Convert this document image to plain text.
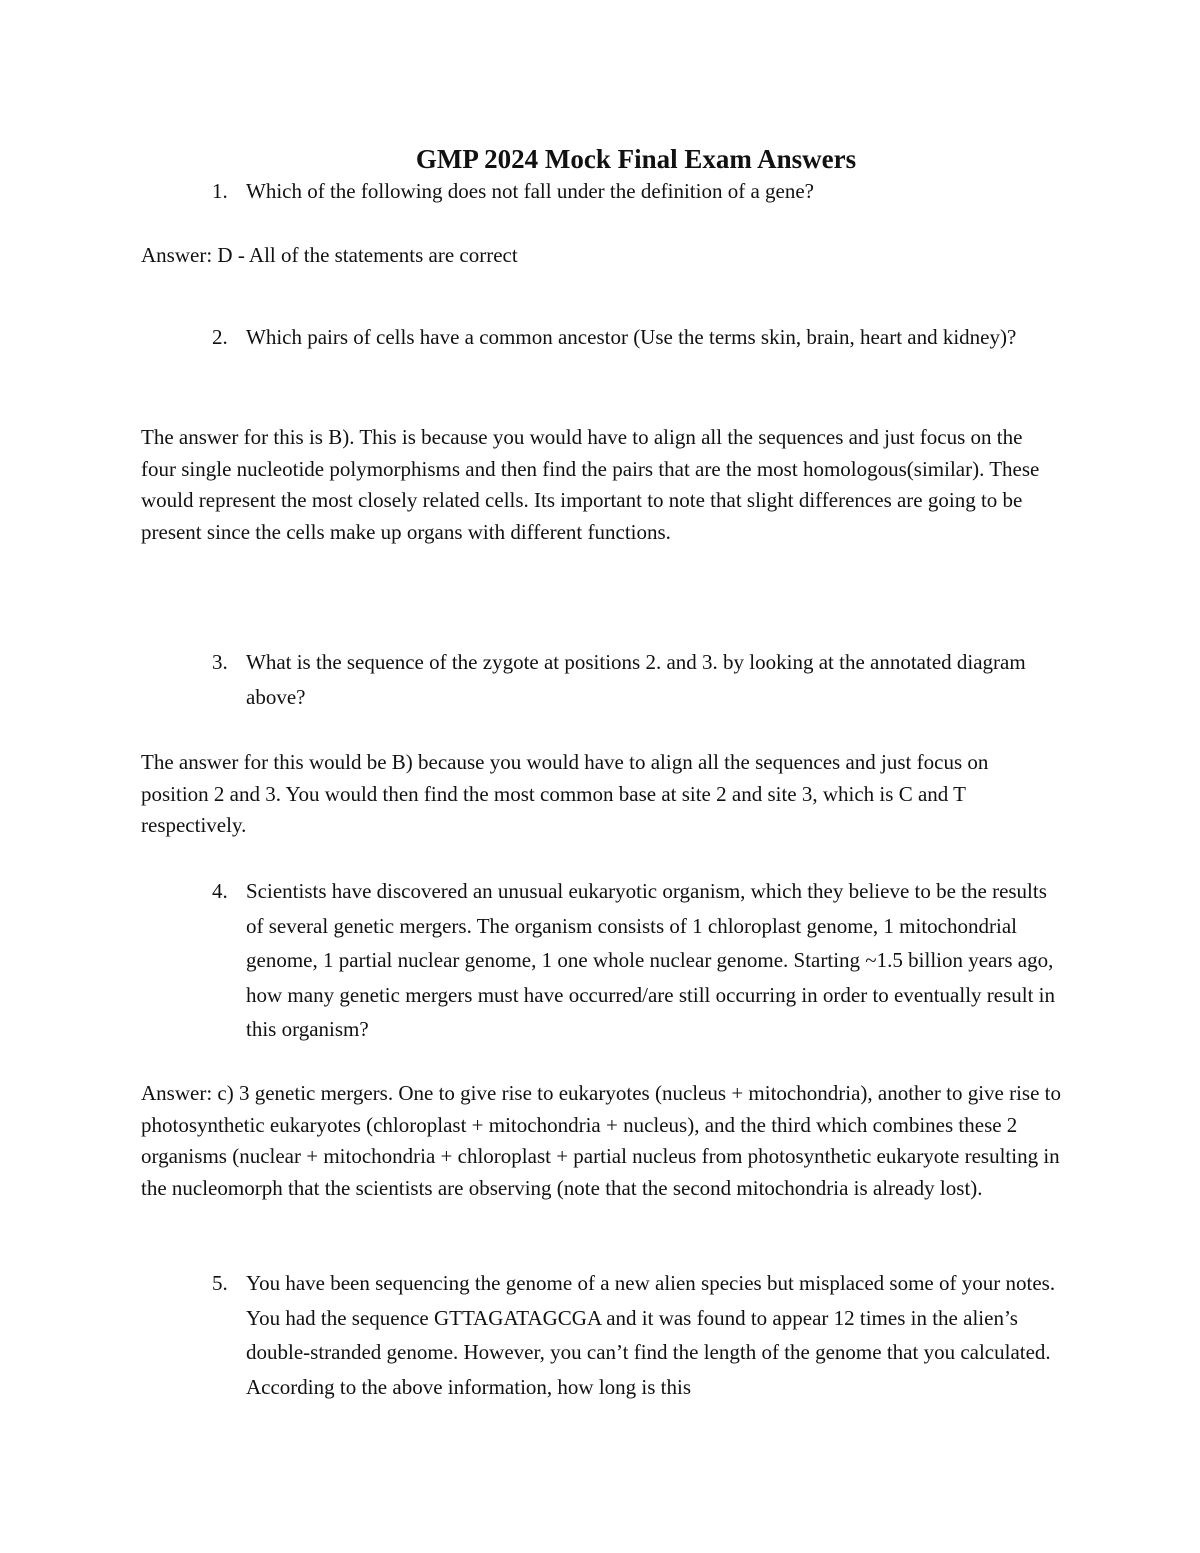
GMP 2024 Mock Final Exam Answers
1. Which of the following does not fall under the definition of a gene?
Answer: D - All of the statements are correct
2. Which pairs of cells have a common ancestor (Use the terms skin, brain, heart and kidney)?
The answer for this is B). This is because you would have to align all the sequences and just focus on the four single nucleotide polymorphisms and then find the pairs that are the most homologous(similar). These would represent the most closely related cells. Its important to note that slight differences are going to be present since the cells make up organs with different functions.
3. What is the sequence of the zygote at positions 2. and 3. by looking at the annotated diagram above?
The answer for this would be B) because you would have to align all the sequences and just focus on position 2 and 3. You would then find the most common base at site 2 and site 3, which is C and T respectively.
4. Scientists have discovered an unusual eukaryotic organism, which they believe to be the results of several genetic mergers. The organism consists of 1 chloroplast genome, 1 mitochondrial genome, 1 partial nuclear genome, 1 one whole nuclear genome. Starting ~1.5 billion years ago, how many genetic mergers must have occurred/are still occurring in order to eventually result in this organism?
Answer: c) 3 genetic mergers. One to give rise to eukaryotes (nucleus + mitochondria), another to give rise to photosynthetic eukaryotes (chloroplast + mitochondria + nucleus), and the third which combines these 2 organisms (nuclear + mitochondria + chloroplast + partial nucleus from photosynthetic eukaryote resulting in the nucleomorph that the scientists are observing (note that the second mitochondria is already lost).
5. You have been sequencing the genome of a new alien species but misplaced some of your notes. You had the sequence GTTAGATAGCGA and it was found to appear 12 times in the alien’s double-stranded genome. However, you can’t find the length of the genome that you calculated. According to the above information, how long is this
